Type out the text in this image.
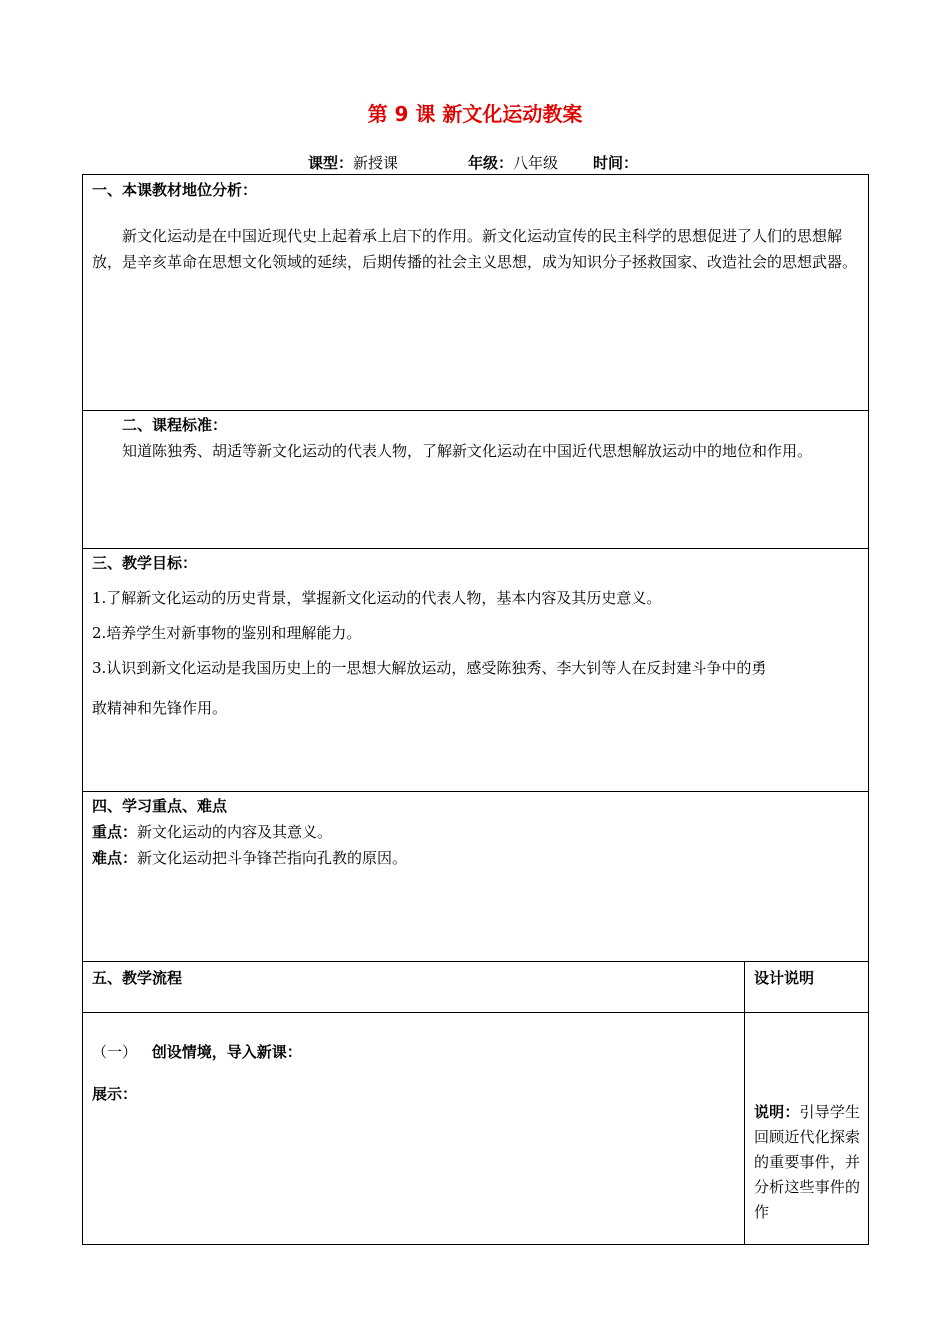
第 9 课 新文化运动教案
课型：新授课	年级：八年级 时间：
一、本课教材地位分析：
新文化运动是在中国近现代史上起着承上启下的作用。新文化运动宣传的民主科学的思想促进了人们的思想解放，是辛亥革命在思想文化领域的延续，后期传播的社会主义思想，成为知识分子拯救国家、改造社会的思想武器。
二、课程标准：
知道陈独秀、胡适等新文化运动的代表人物，了解新文化运动在中国近代思想解放运动中的地位和作用。
三、教学目标：
1.了解新文化运动的历史背景，掌握新文化运动的代表人物，基本内容及其历史意义。
2.培养学生对新事物的鉴别和理解能力。
3.认识到新文化运动是我国历史上的一思想大解放运动，感受陈独秀、李大钊等人在反封建斗争中的勇
敢精神和先锋作用。
四、学习重点、难点
重点：新文化运动的内容及其意义。
难点：新文化运动把斗争锋芒指向孔教的原因。
五、教学流程	设计说明
（一） 创设情境，导入新课：
展示：
说明：引导学生回顾近代化探索的重要事件，并分析这些事件的作
